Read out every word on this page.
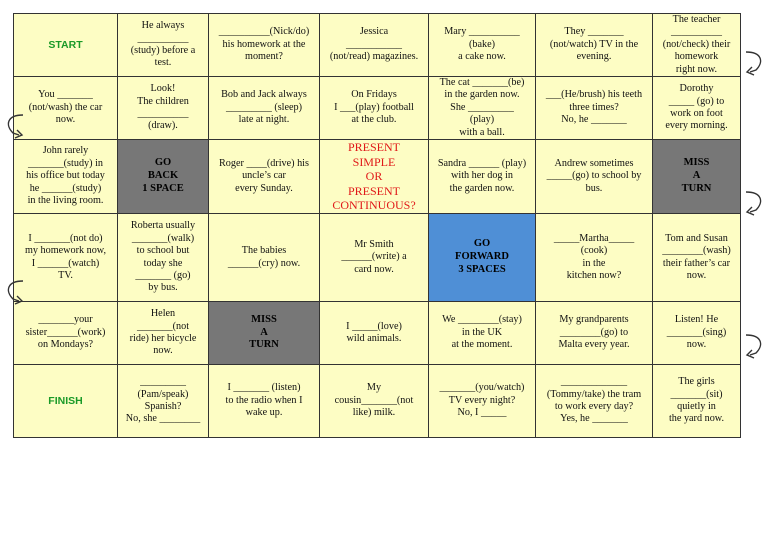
START
He always
__________
(study) before a
test.
__________(Nick/do)
his homework at the
moment?
Jessica
___________
(not/read) magazines.
Mary __________
(bake)
a cake now.
They _______
(not/watch) TV in the
evening.
The teacher
__________
(not/check) their
homework
right now.
You _______
(not/wash) the car
now.
Look!
The children
__________
(draw).
Bob and Jack always
_________ (sleep)
late at night.
On Fridays
I ___(play) football
at the club.
The cat _______(be)
in the garden now.
She _________
(play)
with a ball.
___(He/brush) his teeth
three times?
No, he _______
Dorothy
_____ (go) to
work on foot
every morning.
John rarely
_______(study) in
his office but today
he ______(study)
in the living room.
GO
BACK
1 SPACE
Roger ____(drive) his
uncle’s car
every Sunday.
PRESENT
SIMPLE
OR
PRESENT
CONTINUOUS?
Sandra ______ (play)
with her dog in
the garden now.
Andrew sometimes
_____(go) to school by
bus.
MISS
A
TURN
I _______(not do)
my homework now,
I ______(watch)
TV.
Roberta usually
_______(walk)
to school but
today she
_______ (go)
by bus.
The babies
______(cry) now.
Mr Smith
______(write) a
card now.
GO
FORWARD
3 SPACES
_____Martha_____
(cook)
in the
kitchen now?
Tom and Susan
________(wash)
their father’s car
now.
_______your
sister______(work)
on Mondays?
Helen
_______(not
ride) her bicycle
now.
MISS
A
TURN
I _____(love)
wild animals.
We ________(stay)
in the UK
at the moment.
My grandparents
________(go) to
Malta every year.
Listen! He
_______(sing)
now.
FINISH
_________
(Pam/speak)
Spanish?
No, she ________
I _______ (listen)
to the radio when I
wake up.
My
cousin_______(not
like) milk.
_______(you/watch)
TV every night?
No, I _____
_____________
(Tommy/take) the tram
to work every day?
Yes, he _______
The girls
_______(sit)
quietly in
the yard now.
